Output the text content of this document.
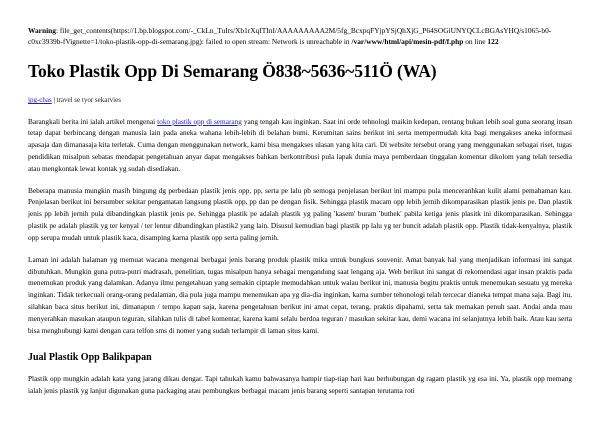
Warning: file_get_contents(https://1.bp.blogspot.com/-_CkLn_TuIrs/Xb1rXqITInI/AAAAAAAAA2M/5fg_BcxpqFYjpYSjQhXjG_P64SOGiUNYQCLcBGAsYHQ/s1065-b0-c0xc3939b-fVignette=1/toko-plastik-opp-di-semarang.jpg): failed to open stream: Network is unreachable in /var/www/html/api/mesin-pdf/f.php on line 122

Toko Plastik Opp Di Semarang Ö838~5636~511Ö (WA)

jpg-chas | travel se tyor sekarvies

Barangkali berita ini ialah artikel mengenai toko plastik opp di semarang yang tengah kau inginkan. Saat ini orde tehnologi maikin kedepan, rentang bukan lebih soal guna seorang insan tetap dapat berbincang dengan manusia lain pada aneka wahana lebih-lebih di belahan bumi. Kerumitan sains berikut ini serta mempermudah kita bagi mengakses aneka informasi apasaja dan dimanasaja kita terletak. Cuma dengan menggunakan network, kami bisa mengakses ulasan yang kita cari. Di website tersebut orang yang menggunakan sebagai riset, tugas pendidikan misalpun sebatas mendapat pengetahuan anyar dapat mengakses bahkan berkontribusi pula lapak dunia maya pemberdaan tinggalan komentar dikolom yang telah tersedia atau mengkontak lewat kontak yg sudah disediakan.

Beberapa manusia mungkin masih bingung dg perbedaan plastik jenis opp, pp, serta pe lalu pb semoga penjelasan berikut ini mampu pula menceranhkan kulit alami pemahaman kau. Penjelasan berikut ini bersumber sekitar pengamatan langsung plastik opp, pp dan pe dengan fisik. Sehingga plastik macam opp lebih jernih dikomparasikan plastik jenis pe. Dan plastik jenis pp lebih jernih pula dibandingkan plastik jenis pe. Sehingga plastik pe adalah plastik yg paling 'kasem' buram 'buthek' pabila ketiga jenis plasitk ini dikomparasikan. Sehingga plastik pe adalah plastik yg ter kenyal / ter lentur dibandingkan plastik2 yang lain. Disusul kemudian bagi plastik pp lalu yg ter buncit adalah plastik opp. Plastik tidak-kenyalnya, plastik opp serupa mudah untuk plastik kaca, disamping karna plastik opp serta paling jernih.

Laman ini adalah halaman yg memuat wacana mengenai berbagai jenis barang produk plastik mika untuk bungkus souvenir. Amat banyak hal yang menjadikan informasi ini sangat dibutuhkan. Mungkin guna putra-putri madrasah, penelitian, tugas misalpun hanya sebagai mengandung saat lengang aja. Web berikut ini sangat di rekomendasi agar insan praktis pada menemukan produk yang dalamkan. Adanya ilmu pengetahuan yang semakin ciptaple memudahkan untuk walau berikut ini, manusia begitu praktis untuk menemukan sesuatu yg mereka inginkan. Tidak terkecuali orang-orang pedalaman, dia pula juga mampu menemukan apa yg dia-dia inginkan, karna sumber tehonologi telah tercecar dianeka tempat mana saja. Bagi itu, silahkan baca situs berikut ini, dimanapun / tempo kapan saja, karena pengetahuan berikut ini amat cepat, terang, praktis dipahami, serta tak memakan penuh saat. Andai anda mau menyerahkan masukan ataupun teguran, silahkan tulis di tabel komentar, karena kami selalu berdoa teguran / masukan sekitar kau, demi wacana ini selanjutnya lebih baik. Atau kau serta bisa menghubungi kami dengan cara telfon sms di nomer yang sudah terlampir di laman situs kami.

Jual Plastik Opp Balikpapan

Plastik opp mungkin adalah kata yang jarang dikau dengar. Tapi tahukah kamu bahwasanya hampir tiap-tiap hari kau berhubungan dg ragam plastik yg esa ini. Ya, plastik opp memang ialah jenis plastik yg lanjut digunakan guna packaging atau pembungkus berbagai macam jenis barang seperti santapan terutama roti
